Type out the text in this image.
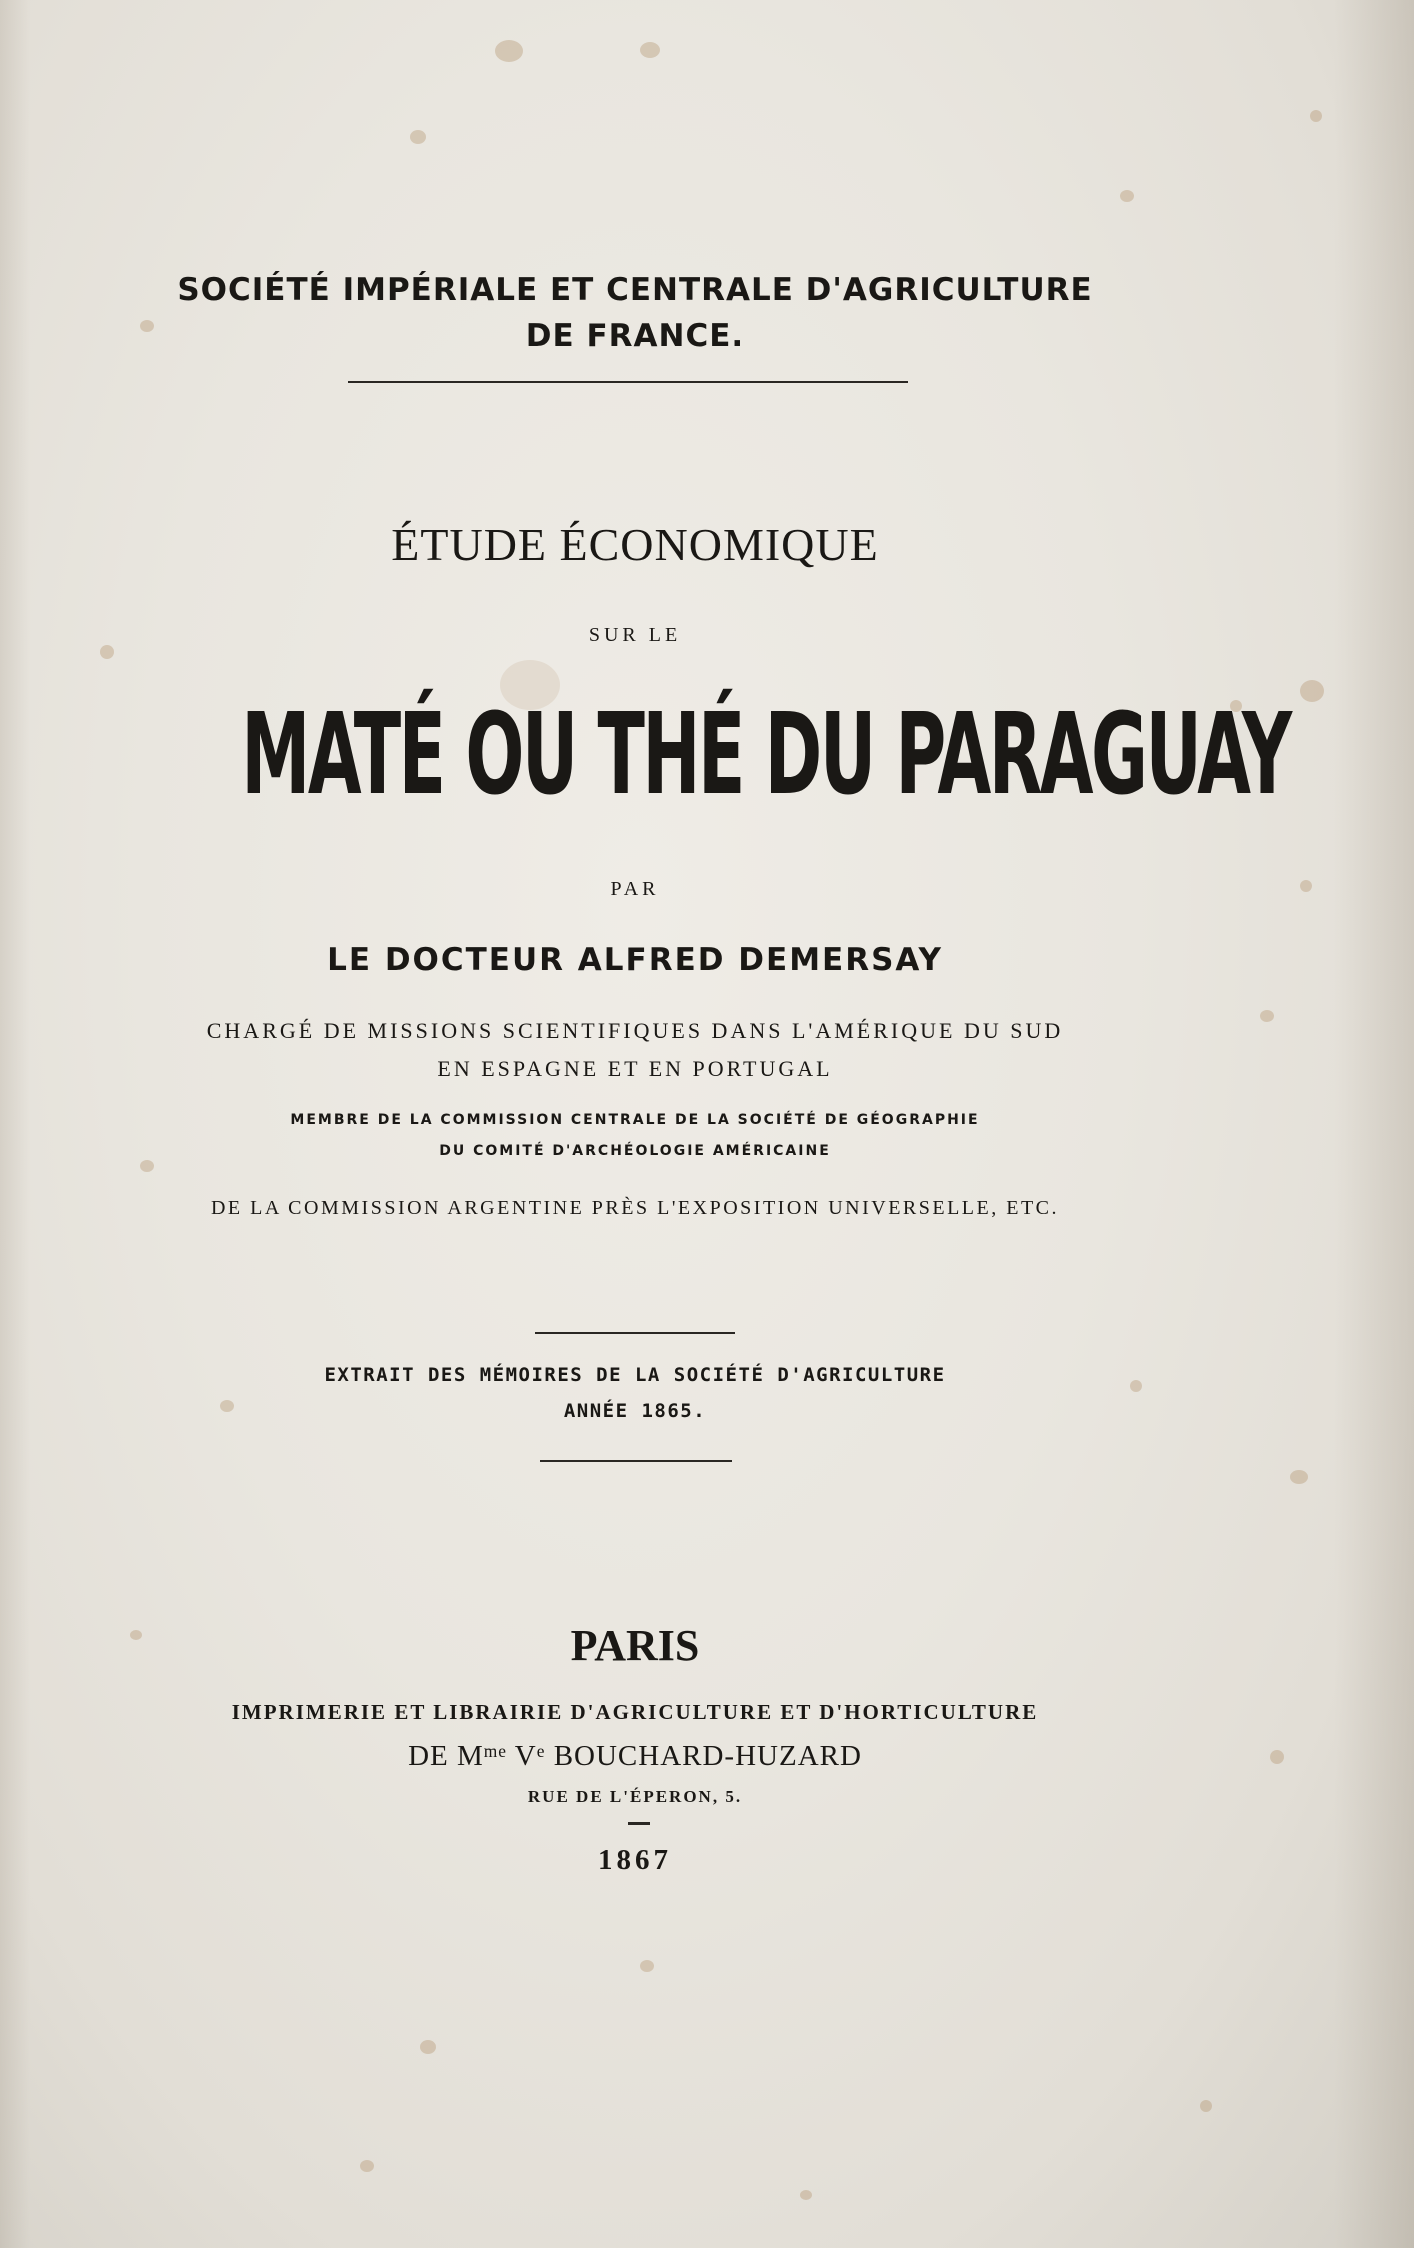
SOCIÉTÉ IMPÉRIALE ET CENTRALE D'AGRICULTURE
DE FRANCE.
ÉTUDE ÉCONOMIQUE
SUR LE
MATÉ OU THÉ DU PARAGUAY
PAR
LE DOCTEUR ALFRED DEMERSAY
CHARGÉ DE MISSIONS SCIENTIFIQUES DANS L'AMÉRIQUE DU SUD
EN ESPAGNE ET EN PORTUGAL
MEMBRE DE LA COMMISSION CENTRALE DE LA SOCIÉTÉ DE GÉOGRAPHIE
DU COMITÉ D'ARCHÉOLOGIE AMÉRICAINE
DE LA COMMISSION ARGENTINE PRÈS L'EXPOSITION UNIVERSELLE, ETC.
EXTRAIT DES MÉMOIRES DE LA SOCIÉTÉ D'AGRICULTURE
ANNÉE 1865.
PARIS
IMPRIMERIE ET LIBRAIRIE D'AGRICULTURE ET D'HORTICULTURE
DE $M^{me}$ Ve BOUCHARD-HUZARD
RUE DE L'ÉPERON, 5.
1867
